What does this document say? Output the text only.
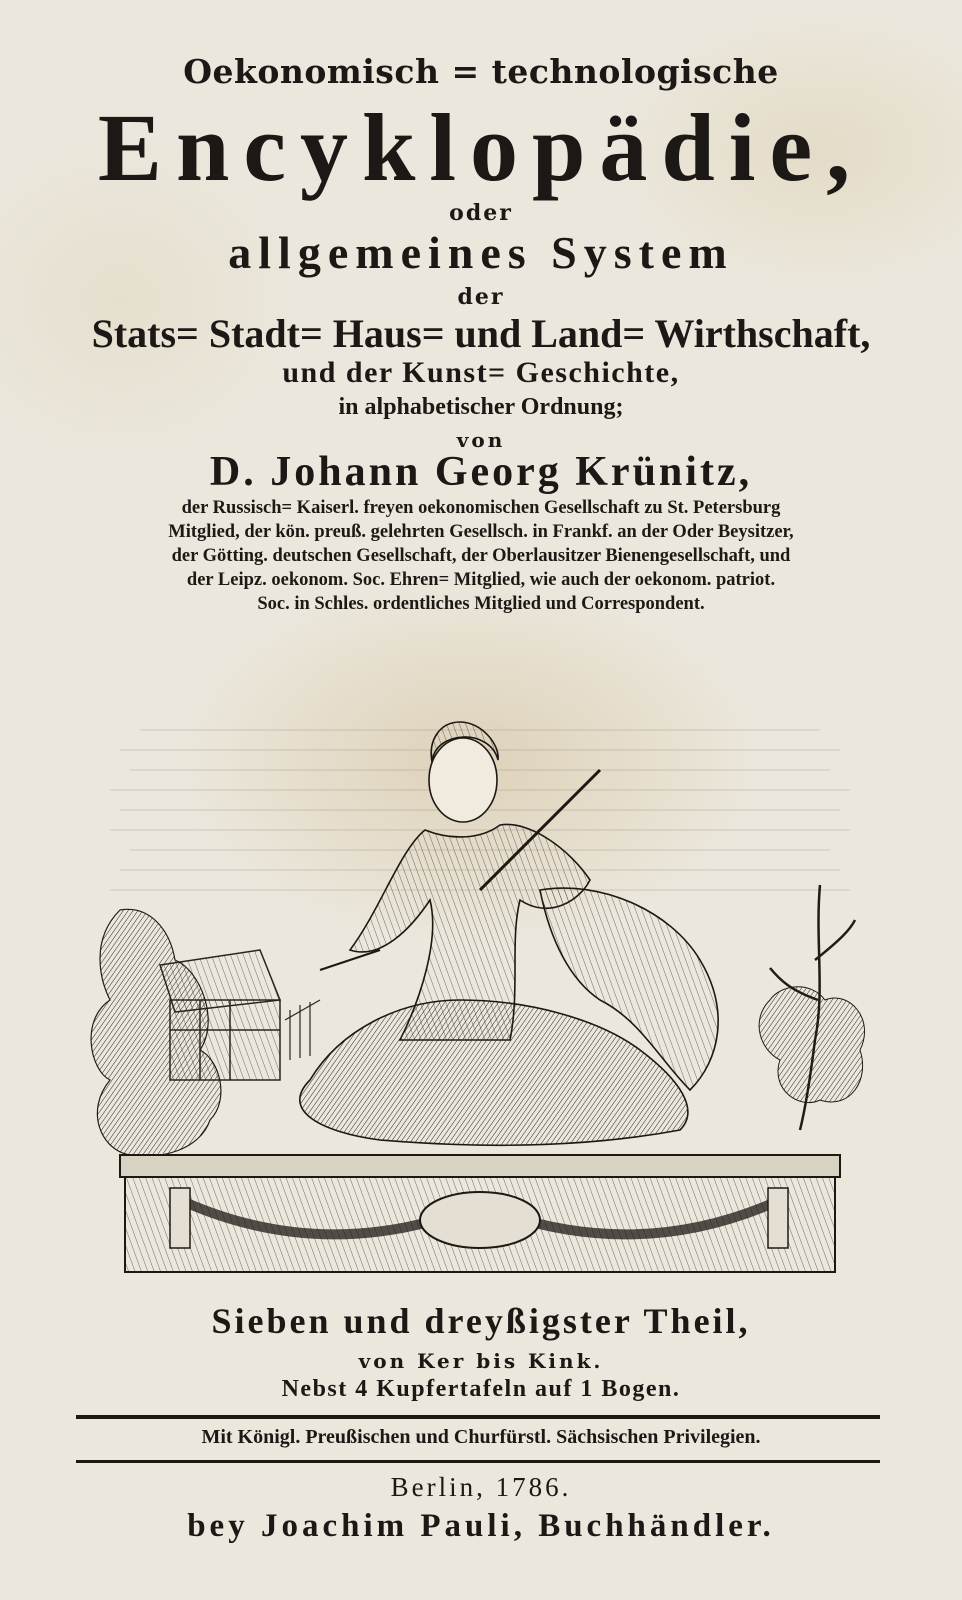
Oekonomisch = technologische
Encyklopädie,
oder
allgemeines System
der
Stats= Stadt= Haus= und Land= Wirthschaft,
und der Kunst= Geschichte,
in alphabetischer Ordnung;
von
D. Johann Georg Krünitz,
der Russisch= Kaiserl. freyen oekonomischen Gesellschaft zu St. Petersburg
Mitglied, der kön. preuß. gelehrten Gesellsch. in Frankf. an der Oder Beysitzer,
der Götting. deutschen Gesellschaft, der Oberlausitzer Bienengesellschaft, und
der Leipz. oekonom. Soc. Ehren= Mitglied, wie auch der oekonom. patriot.
Soc. in Schles. ordentliches Mitglied und Correspondent.
Sieben und dreyßigster Theil,
von Ker bis Kink.
Nebst 4 Kupfertafeln auf 1 Bogen.
Mit Königl. Preußischen und Churfürstl. Sächsischen Privilegien.
Berlin, 1786.
bey Joachim Pauli, Buchhändler.
